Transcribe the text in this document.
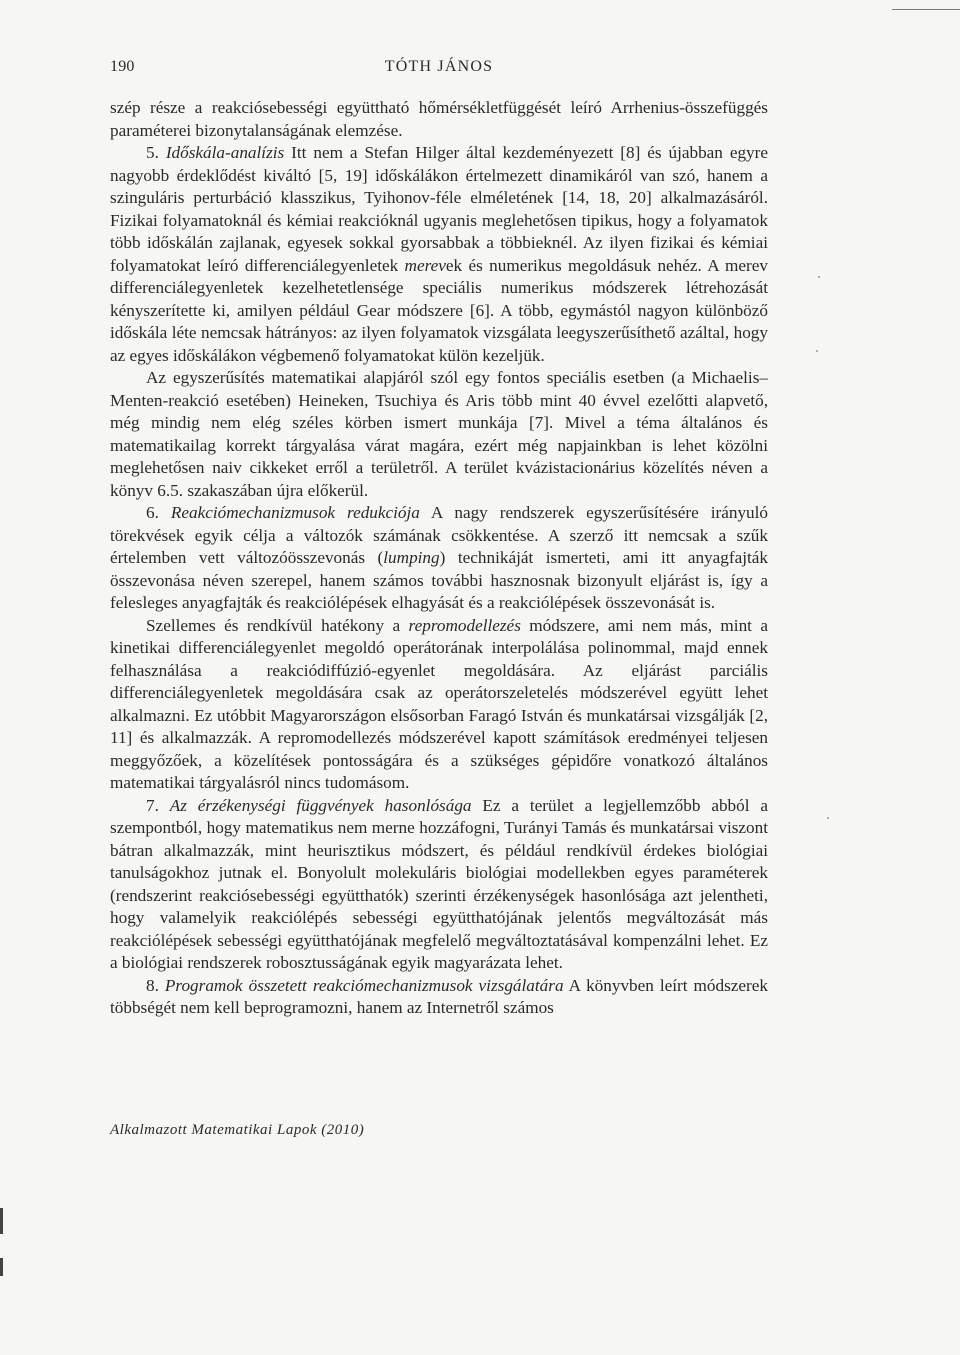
190	TÓTH JÁNOS

szép része a reakciósebességi együttható hőmérsékletfüggését leíró Arrhenius-összefüggés paraméterei bizonytalanságának elemzése.

5. Időskála-analízis Itt nem a Stefan Hilger által kezdeményezett [8] és újabban egyre nagyobb érdeklődést kiváltó [5, 19] időskálákon értelmezett dinamikáról van szó, hanem a szinguláris perturbáció klasszikus, Tyihonov-féle elméletének [14, 18, 20] alkalmazásáról. Fizikai folyamatoknál és kémiai reakcióknál ugyanis meglehetősen tipikus, hogy a folyamatok több időskálán zajlanak, egyesek sokkal gyorsabbak a többieknél. Az ilyen fizikai és kémiai folyamatokat leíró differenciálegyenletek merevek és numerikus megoldásuk nehéz. A merev differenciálegyenletek kezelhetetlensége speciális numerikus módszerek létrehozását kényszerítette ki, amilyen például Gear módszere [6]. A több, egymástól nagyon különböző időskála léte nemcsak hátrányos: az ilyen folyamatok vizsgálata leegyszerűsíthető azáltal, hogy az egyes időskálákon végbemenő folyamatokat külön kezeljük.

Az egyszerűsítés matematikai alapjáról szól egy fontos speciális esetben (a Michaelis–Menten-reakció esetében) Heineken, Tsuchiya és Aris több mint 40 évvel ezelőtti alapvető, még mindig nem elég széles körben ismert munkája [7]. Mivel a téma általános és matematikailag korrekt tárgyalása várat magára, ezért még napjainkban is lehet közölni meglehetősen naiv cikkeket erről a területről. A terület kvázistacionárius közelítés néven a könyv 6.5. szakaszában újra előkerül.

6. Reakciómechanizmusok redukciója A nagy rendszerek egyszerűsítésére irányuló törekvések egyik célja a változók számának csökkentése. A szerző itt nemcsak a szűk értelemben vett változóösszevonás (lumping) technikáját ismerteti, ami itt anyagfajták összevonása néven szerepel, hanem számos további hasznosnak bizonyult eljárást is, így a felesleges anyagfajták és reakciólépések elhagyását és a reakciólépések összevonását is.

Szellemes és rendkívül hatékony a repromodellezés módszere, ami nem más, mint a kinetikai differenciálegyenlet megoldó operátorának interpolálása polinommal, majd ennek felhasználása a reakciódiffúzió-egyenlet megoldására. Az eljárást parciális differenciálegyenletek megoldására csak az operátorszeletelés módszerével együtt lehet alkalmazni. Ez utóbbit Magyarországon elsősorban Faragó István és munkatársai vizsgálják [2, 11] és alkalmazzák. A repromodellezés módszerével kapott számítások eredményei teljesen meggyőzőek, a közelítések pontosságára és a szükséges gépidőre vonatkozó általános matematikai tárgyalásról nincs tudomásom.

7. Az érzékenységi függvények hasonlósága Ez a terület a legjellemzőbb abból a szempontból, hogy matematikus nem merne hozzáfogni, Turányi Tamás és munkatársai viszont bátran alkalmazzák, mint heurisztikus módszert, és például rendkívül érdekes biológiai tanulságokhoz jutnak el. Bonyolult molekuláris biológiai modellekben egyes paraméterek (rendszerint reakciósebességi együtthatók) szerinti érzékenységek hasonlósága azt jelentheti, hogy valamelyik reakciólépés sebességi együtthatójának jelentős megváltozását más reakciólépések sebességi együtthatójának megfelelő megváltoztatásával kompenzálni lehet. Ez a biológiai rendszerek robosztusságának egyik magyarázata lehet.

8. Programok összetett reakciómechanizmusok vizsgálatára A könyvben leírt módszerek többségét nem kell beprogramozni, hanem az Internetről számos

Alkalmazott Matematikai Lapok (2010)
